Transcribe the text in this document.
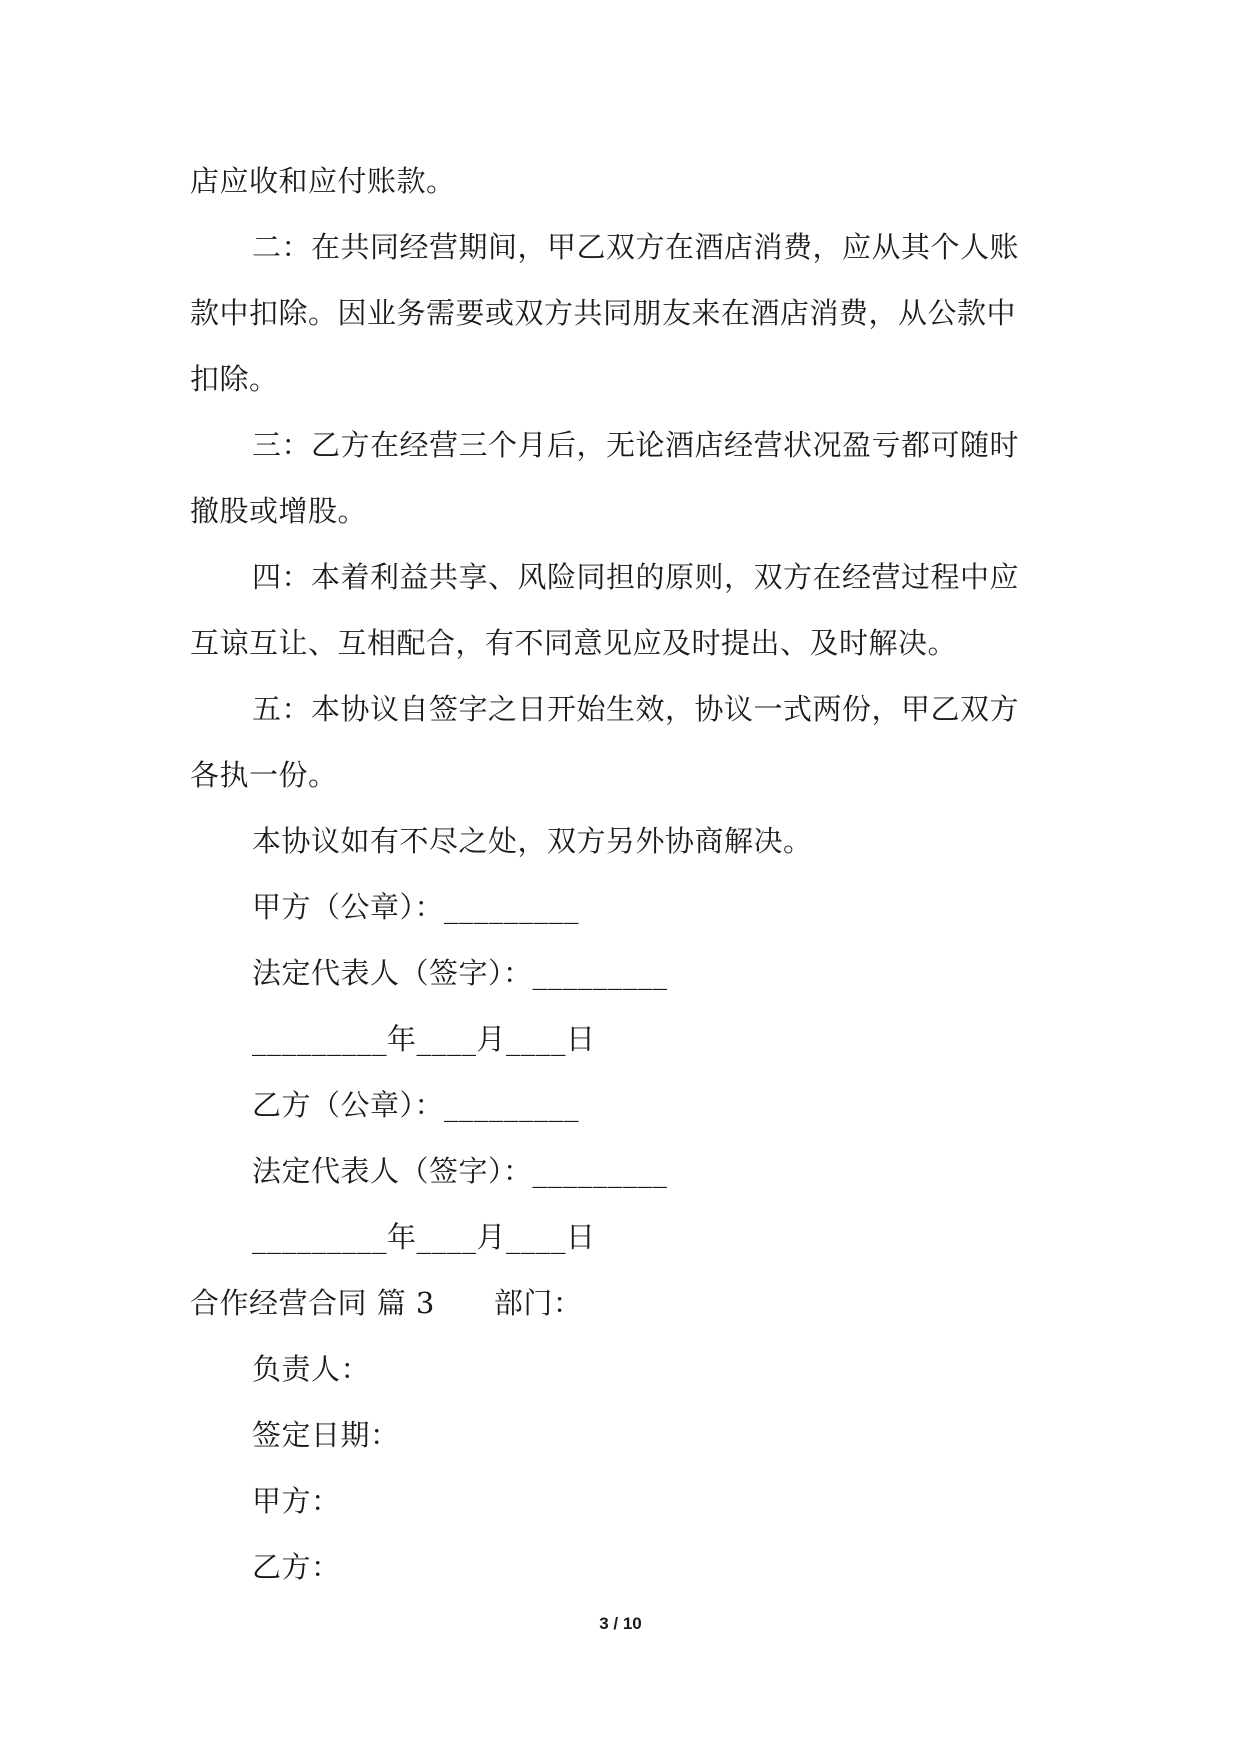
店应收和应付账款。
二：在共同经营期间，甲乙双方在酒店消费，应从其个人账
款中扣除。因业务需要或双方共同朋友来在酒店消费，从公款中
扣除。
三：乙方在经营三个月后，无论酒店经营状况盈亏都可随时
撤股或增股。
四：本着利益共享、风险同担的原则，双方在经营过程中应
互谅互让、互相配合，有不同意见应及时提出、及时解决。
五：本协议自签字之日开始生效，协议一式两份，甲乙双方
各执一份。
本协议如有不尽之处，双方另外协商解决。
甲方（公章）：_________
法定代表人（签字）：_________
_________年____月____日
乙方（公章）：_________
法定代表人（签字）：_________
_________年____月____日
合作经营合同 篇 3　　部门：
负责人：
签定日期：
甲方：
乙方：
3 / 10
